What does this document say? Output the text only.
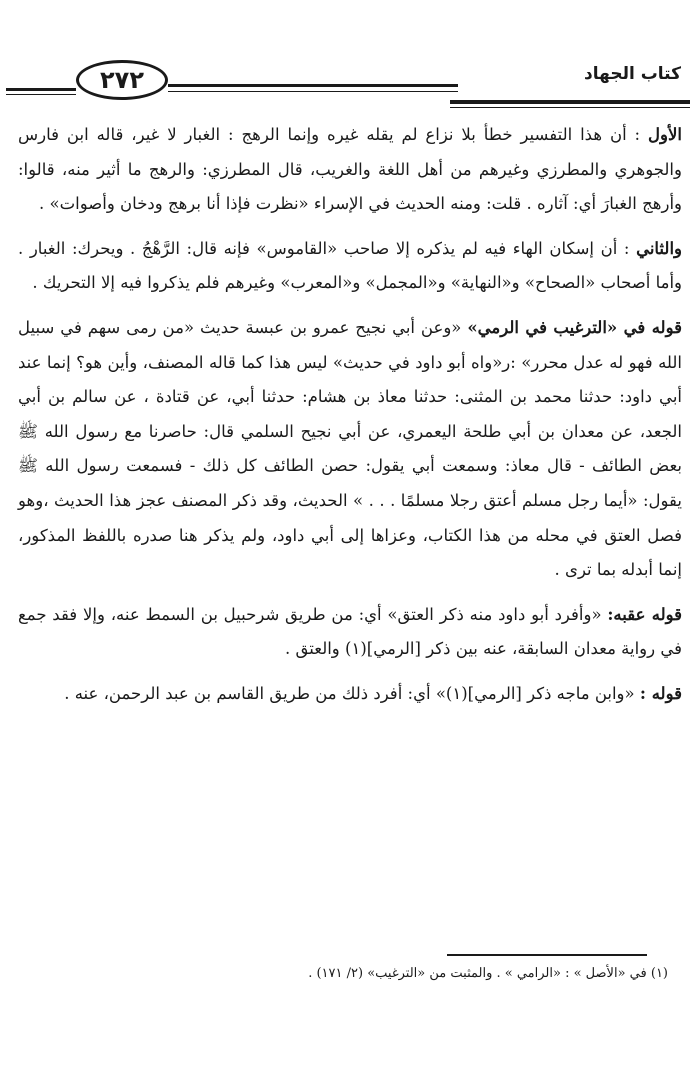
٢٧٢	كتاب الجهاد

الأول : أن هذا التفسير خطأ بلا نزاع لم يقله غيره وإنما الرهج : الغبار لا غير، قاله ابن فارس والجوهري والمطرزي وغيرهم من أهل اللغة والغريب، قال المطرزي: والرهج ما أثير منه، قالوا: وأرهج الغبارَ أي: آثاره . قلت: ومنه الحديث في الإسراء «نظرت فإذا أنا برهج ودخان وأصوات» .

والثاني : أن إسكان الهاء فيه لم يذكره إلا صاحب «القاموس» فإنه قال: الرَّهْجُ . ويحرك: الغبار . وأما أصحاب «الصحاح» و«النهاية» و«المجمل» و«المعرب» وغيرهم فلم يذكروا فيه إلا التحريك .

قوله في «الترغيب في الرمي» «وعن أبي نجيح عمرو بن عبسة حديث «من رمى سهم في سبيل الله فهو له عدل محرر» :ر«واه أبو داود في حديث» ليس هذا كما قاله المصنف، وأين هو؟ إنما عند أبي داود: حدثنا محمد بن المثنى: حدثنا معاذ بن هشام: حدثنا أبي، عن قتادة ، عن سالم بن أبي الجعد، عن معدان بن أبي طلحة اليعمري، عن أبي نجيح السلمي قال: حاصرنا مع رسول الله ﷺ بعض الطائف - قال معاذ: وسمعت أبي يقول: حصن الطائف كل ذلك - فسمعت رسول الله ﷺ يقول: «أيما رجل مسلم أعتق رجلا مسلمًا . . . » الحديث، وقد ذكر المصنف عجز هذا الحديث ،وهو فصل العتق في محله من هذا الكتاب، وعزاها إلى أبي داود، ولم يذكر هنا صدره باللفظ المذكور، إنما أبدله بما ترى .

قوله عقبه: «وأفرد أبو داود منه ذكر العتق» أي: من طريق شرحبيل بن السمط عنه، وإلا فقد جمع في رواية معدان السابقة، عنه بين ذكر [الرمي](١) والعتق .

قوله : «وابن ماجه ذكر [الرمي](١)» أي: أفرد ذلك من طريق القاسم بن عبد الرحمن، عنه .

(١) في «الأصل » : «الرامي » . والمثبت من «الترغيب» (٢/ ١٧١) .
